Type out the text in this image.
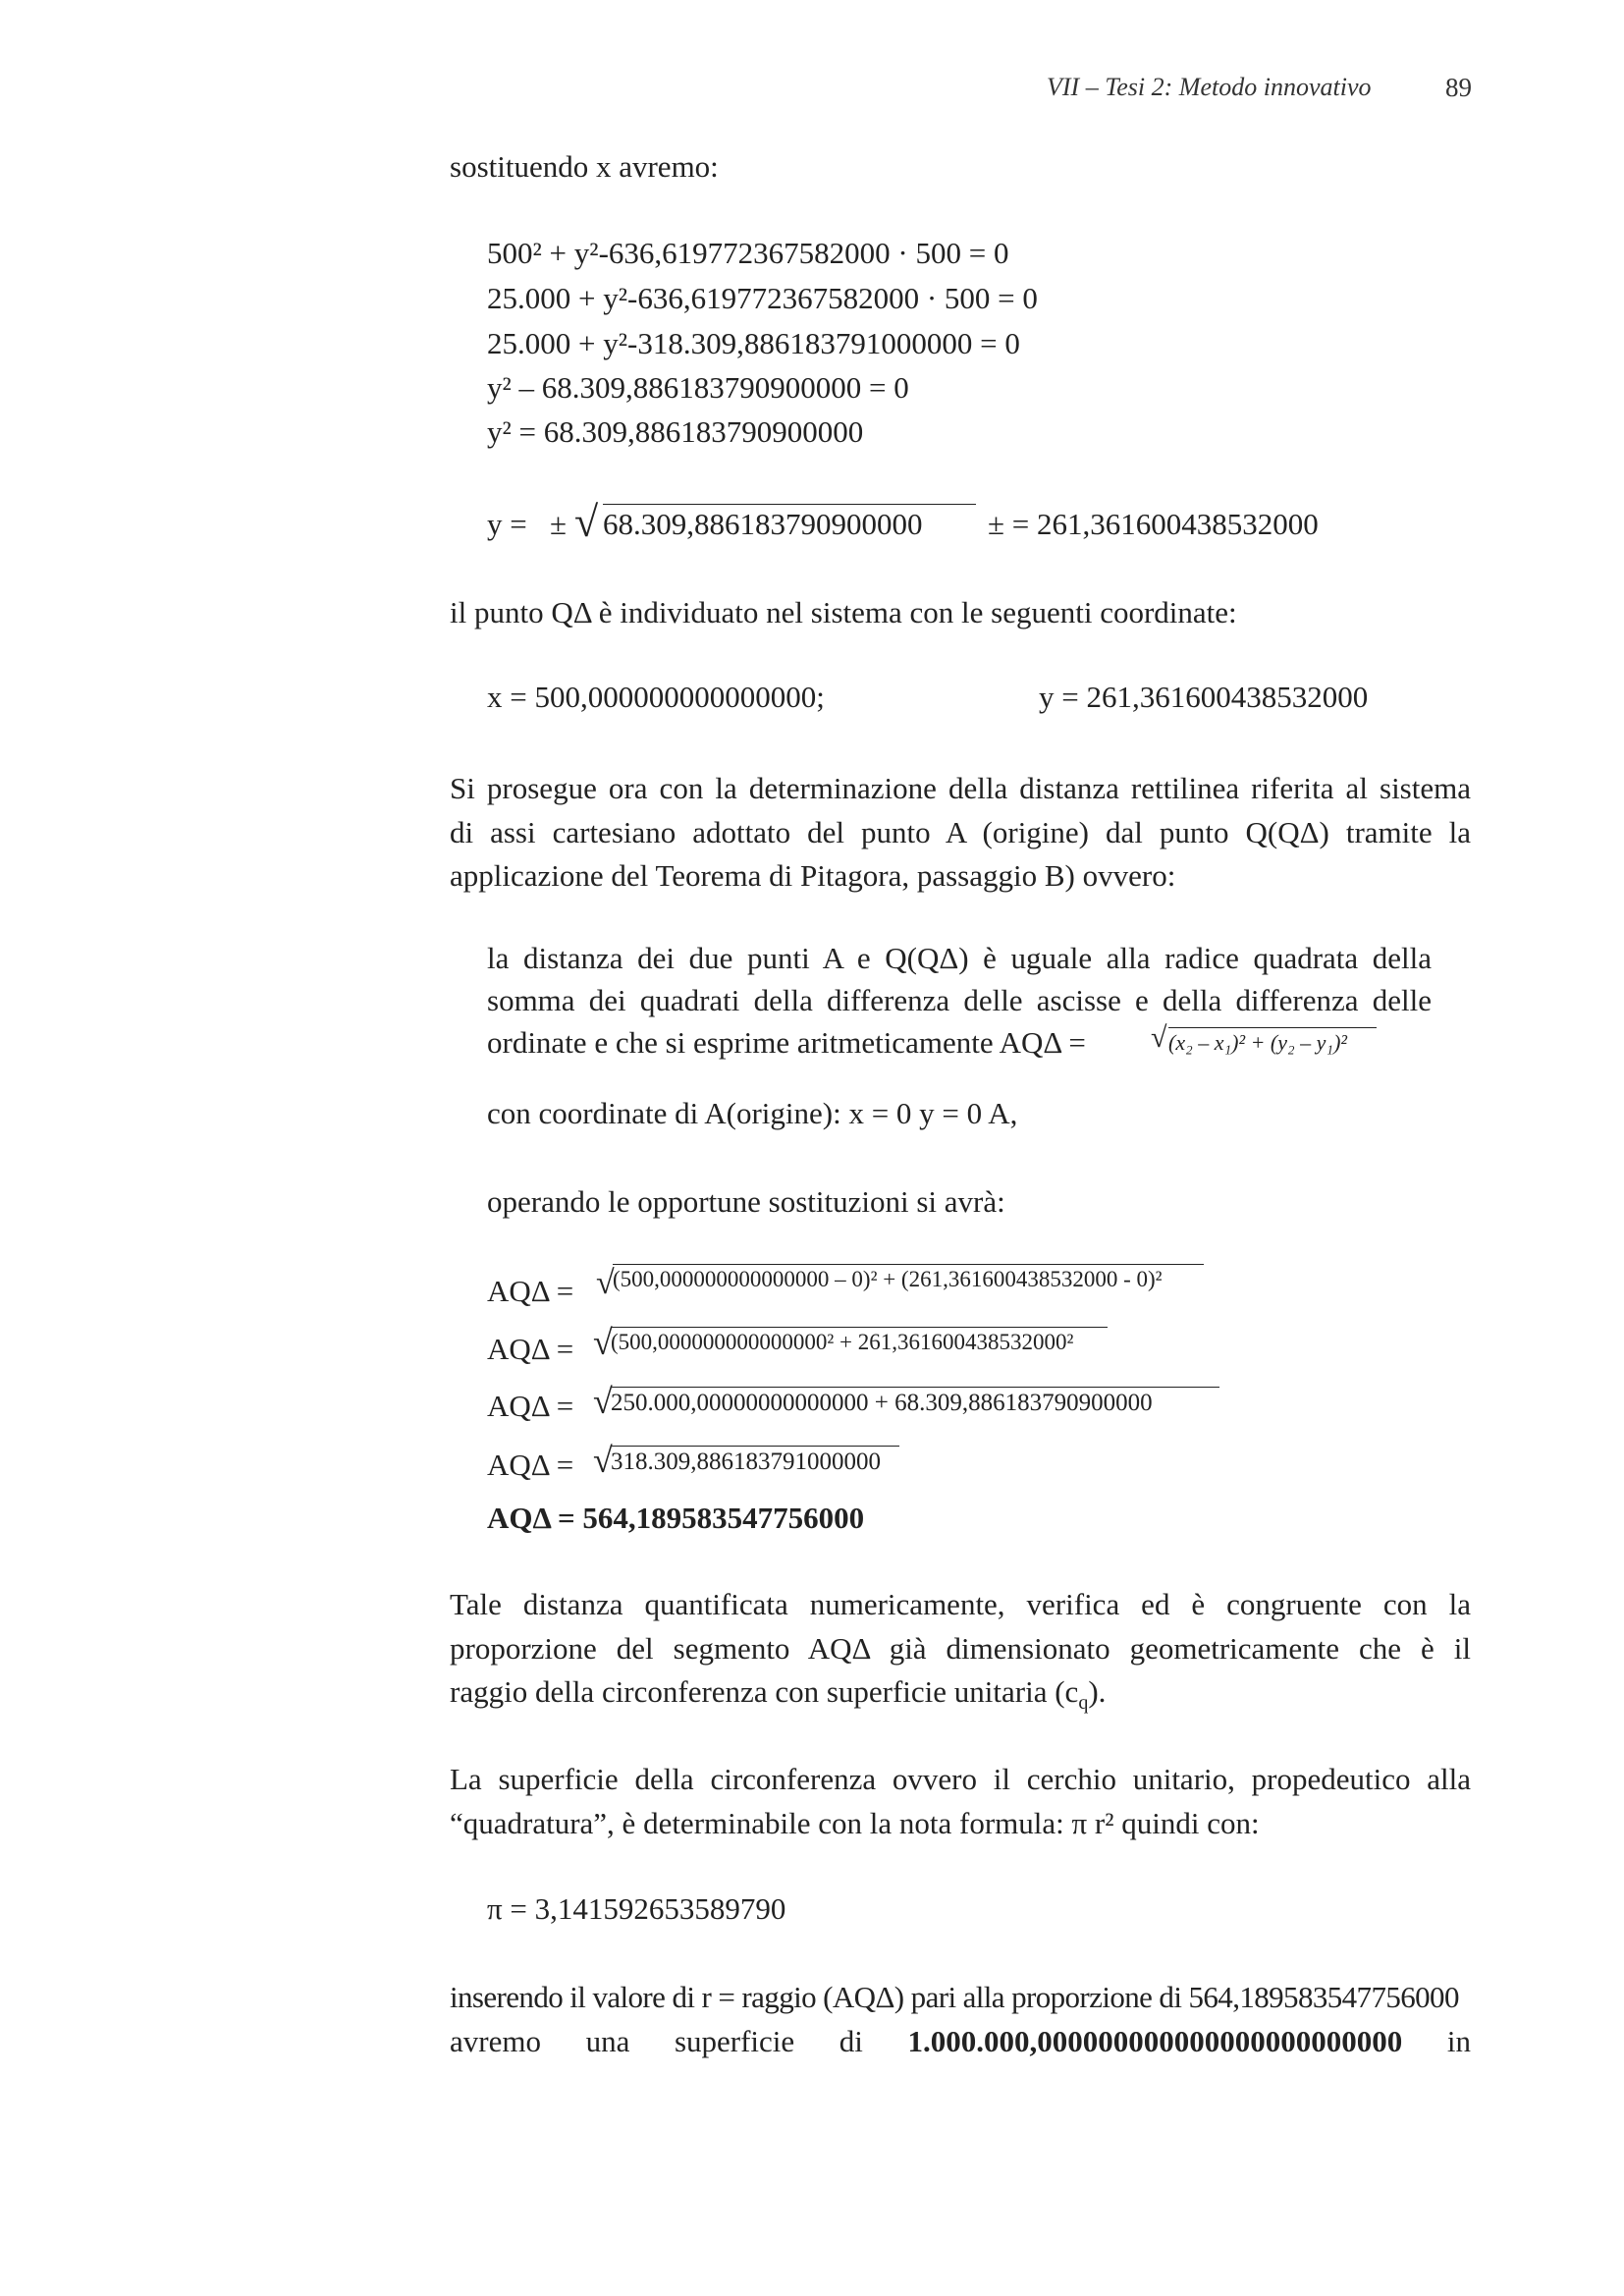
VII – Tesi 2: Metodo innovativo	89
sostituendo x avremo:
500² + y²-636,619772367582000 · 500 = 0
25.000 + y²-636,619772367582000 · 500 = 0
25.000 + y²-318.309,886183791000000 = 0
y² – 68.309,886183790900000 = 0
y² = 68.309,886183790900000
y = ± √ 68.309,886183790900000	± = 261,361600438532000
il punto QΔ è individuato nel sistema con le seguenti coordinate:
x = 500,000000000000000;	y = 261,361600438532000
Si prosegue ora con la determinazione della distanza rettilinea riferita al sistema
di assi cartesiano adottato del punto A (origine) dal punto Q(QΔ) tramite la
applicazione del Teorema di Pitagora, passaggio B) ovvero:
la distanza dei due punti A e Q(QΔ) è uguale alla radice quadrata della
somma dei quadrati della differenza delle ascisse e della differenza delle
ordinate e che si esprime aritmeticamente AQΔ =	√ (x₂ – x₁)² + (y₂ – y₁)²
con coordinate di A(origine): x = 0 y = 0 A,
operando le opportune sostituzioni si avrà:
AQΔ = √
(500,000000000000000 – 0)² + (261,361600438532000 - 0)²
AQΔ = √
(500,000000000000000² + 261,361600438532000²
AQΔ = √
250.000,00000000000000 + 68.309,886183790900000
AQΔ = √
318.309,886183791000000
AQΔ = 564,189583547756000
Tale distanza quantificata numericamente, verifica ed è congruente con la
proporzione del segmento AQΔ già dimensionato geometricamente che è il
raggio della circonferenza con superficie unitaria $(c_q)$.
La superficie della circonferenza ovvero il cerchio unitario, propedeutico alla
“quadratura”, è determinabile con la nota formula: π r² quindi con:
π = 3,141592653589790
inserendo il valore di r = raggio (AQΔ) pari alla proporzione di 564,189583547756000
avremo una superficie di 1.000.000,000000000000000000000000 in
